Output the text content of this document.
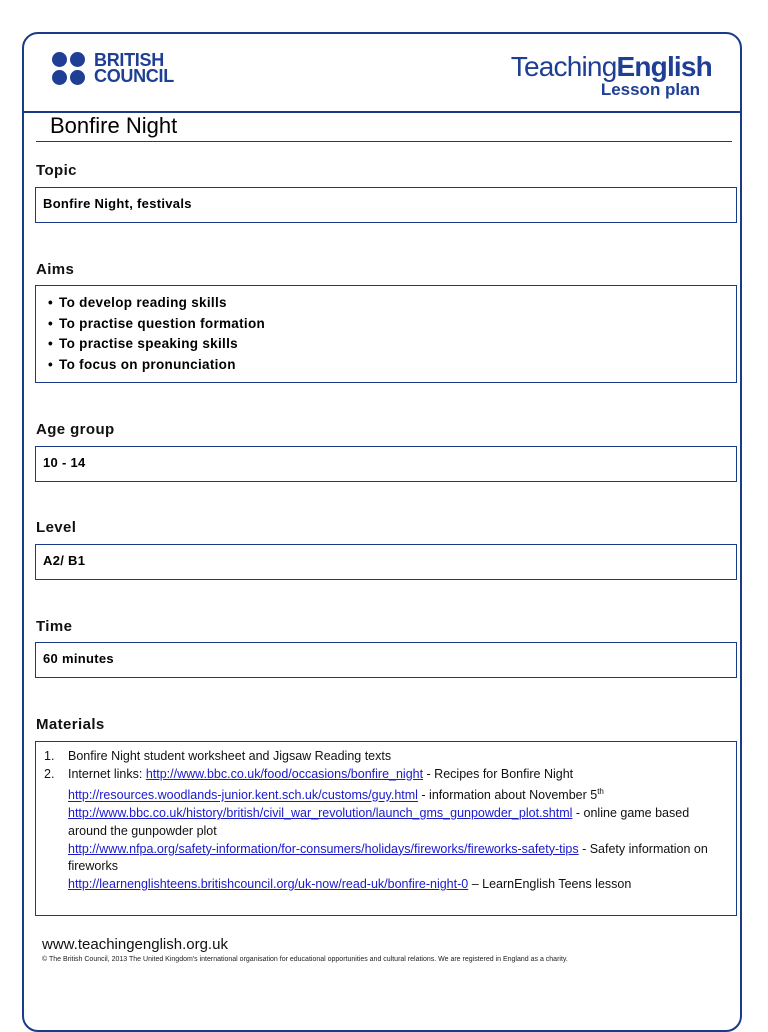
BRITISH
COUNCIL	TeachingEnglish
Lesson plan
Bonfire Night
Topic
Bonfire Night, festivals
Aims
• To develop reading skills
• To practise question formation
• To practise speaking skills
• To focus on pronunciation
Age group
10 - 14
Level
A2/ B1
Time
60 minutes
Materials
1. Bonfire Night student worksheet and Jigsaw Reading texts
2. Internet links: http://www.bbc.co.uk/food/occasions/bonfire_night - Recipes for Bonfire Night
http://resources.woodlands-junior.kent.sch.uk/customs/guy.html - information about November 5th
http://www.bbc.co.uk/history/british/civil_war_revolution/launch_gms_gunpowder_plot.shtml - online game based around the gunpowder plot
http://www.nfpa.org/safety-information/for-consumers/holidays/fireworks/fireworks-safety-tips - Safety information on fireworks
http://learnenglishteens.britishcouncil.org/uk-now/read-uk/bonfire-night-0 – LearnEnglish Teens lesson
www.teachingenglish.org.uk
© The British Council, 2013 The United Kingdom's international organisation for educational opportunities and cultural relations. We are registered in England as a charity.
